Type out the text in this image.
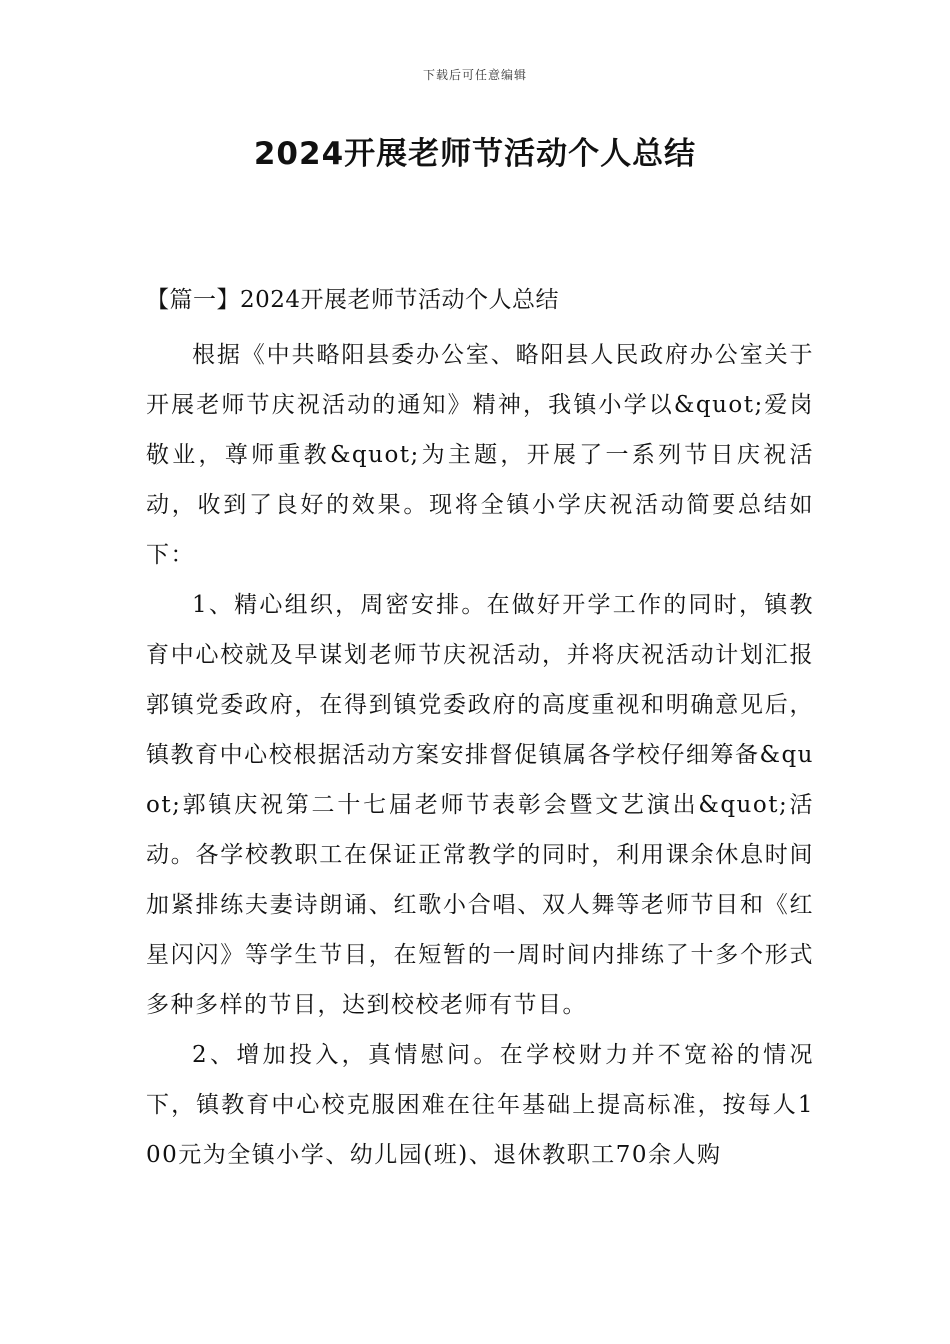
下载后可任意编辑
2024开展老师节活动个人总结
【篇一】2024开展老师节活动个人总结

根据《中共略阳县委办公室、略阳县人民政府办公室关于开展老师节庆祝活动的通知》精神，我镇小学以&quot;爱岗敬业，尊师重教&quot;为主题，开展了一系列节日庆祝活动，收到了良好的效果。现将全镇小学庆祝活动简要总结如下：

1、精心组织，周密安排。在做好开学工作的同时，镇教育中心校就及早谋划老师节庆祝活动，并将庆祝活动计划汇报郭镇党委政府，在得到镇党委政府的高度重视和明确意见后，镇教育中心校根据活动方案安排督促镇属各学校仔细筹备&quot;郭镇庆祝第二十七届老师节表彰会暨文艺演出&quot;活动。各学校教职工在保证正常教学的同时，利用课余休息时间加紧排练夫妻诗朗诵、红歌小合唱、双人舞等老师节目和《红星闪闪》等学生节目，在短暂的一周时间内排练了十多个形式多种多样的节目，达到校校老师有节目。

2、增加投入，真情慰问。在学校财力并不宽裕的情况下，镇教育中心校克服困难在往年基础上提高标准，按每人100元为全镇小学、幼儿园(班)、退休教职工70余人购
